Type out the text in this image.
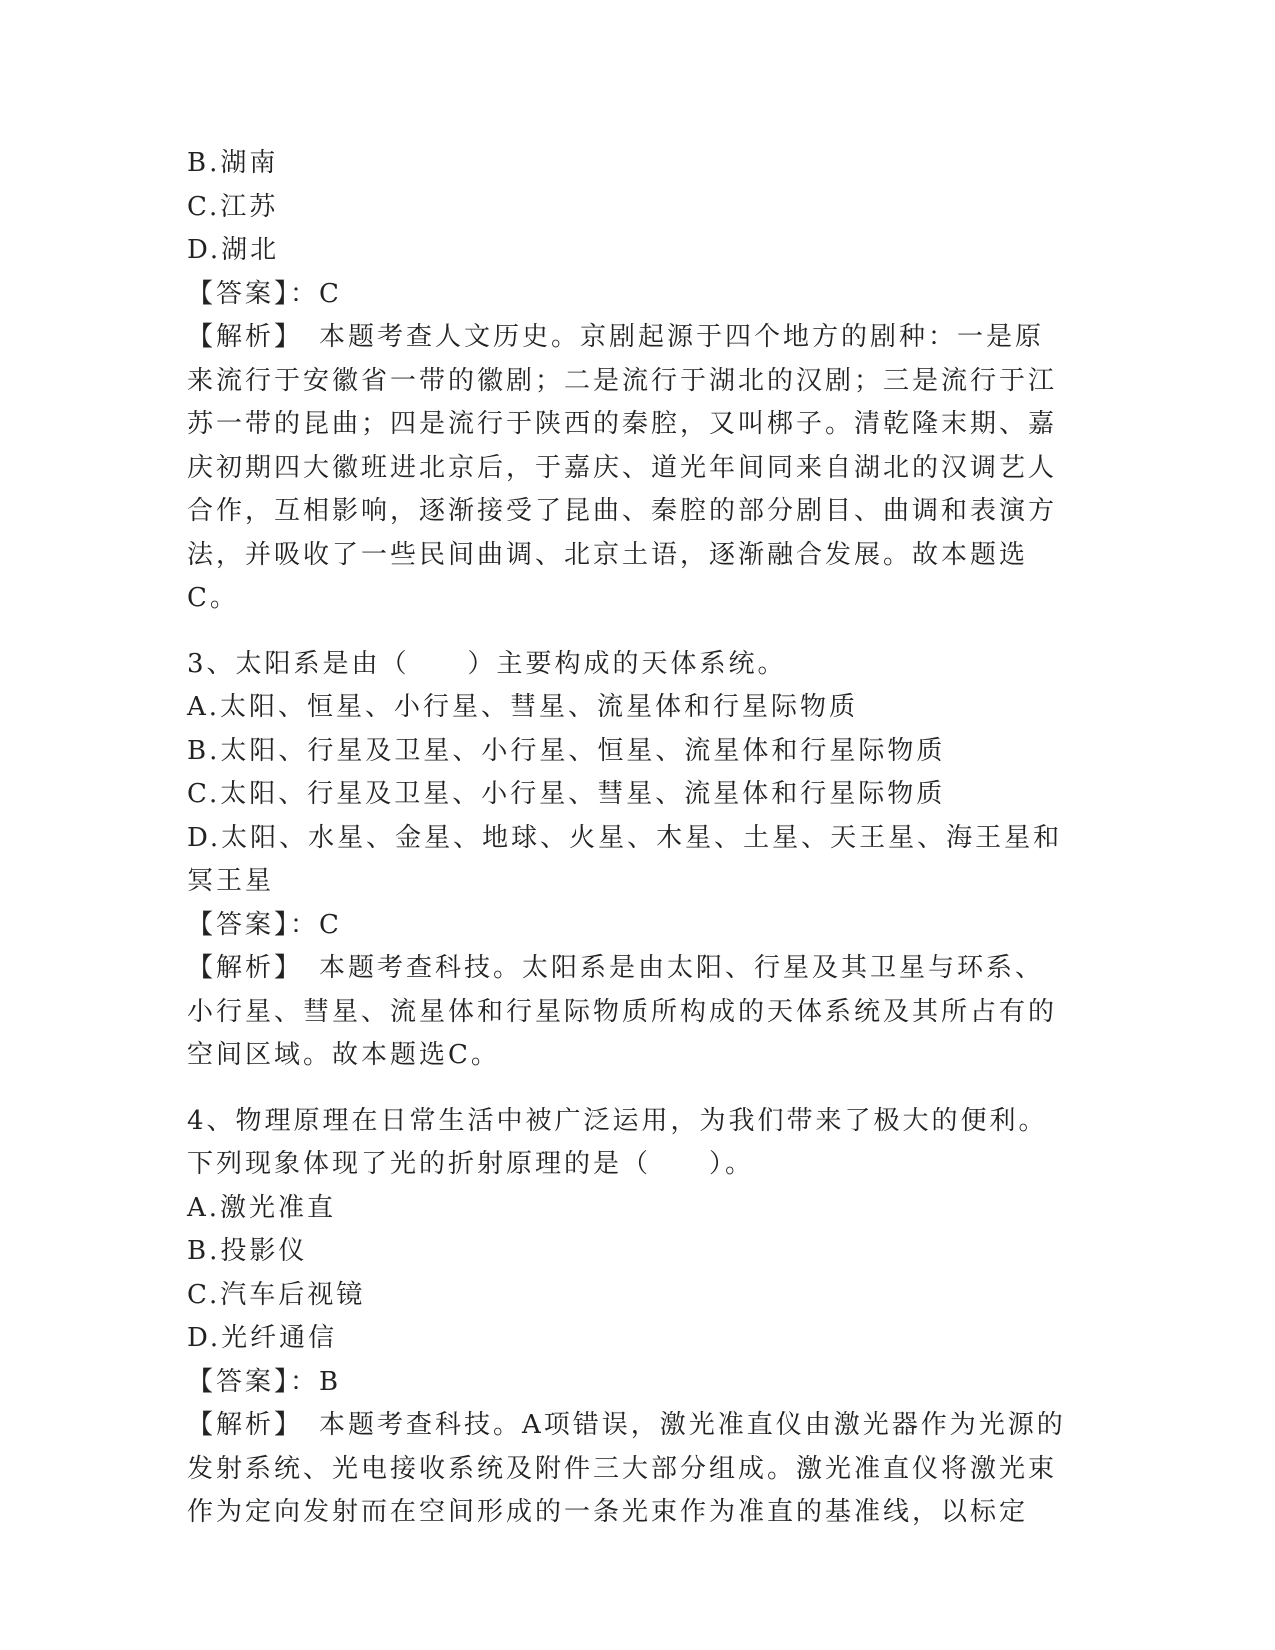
B.湖南
C.江苏
D.湖北
【答案】：C
【解析】　本题考查人文历史。京剧起源于四个地方的剧种：一是原来流行于安徽省一带的徽剧；二是流行于湖北的汉剧；三是流行于江苏一带的昆曲；四是流行于陕西的秦腔，又叫梆子。清乾隆末期、嘉庆初期四大徽班进北京后，于嘉庆、道光年间同来自湖北的汉调艺人合作，互相影响，逐渐接受了昆曲、秦腔的部分剧目、曲调和表演方法，并吸收了一些民间曲调、北京土语，逐渐融合发展。故本题选C。
3、太阳系是由（　　）主要构成的天体系统。
A.太阳、恒星、小行星、彗星、流星体和行星际物质
B.太阳、行星及卫星、小行星、恒星、流星体和行星际物质
C.太阳、行星及卫星、小行星、彗星、流星体和行星际物质
D.太阳、水星、金星、地球、火星、木星、土星、天王星、海王星和冥王星
【答案】：C
【解析】　本题考查科技。太阳系是由太阳、行星及其卫星与环系、小行星、彗星、流星体和行星际物质所构成的天体系统及其所占有的空间区域。故本题选C。
4、物理原理在日常生活中被广泛运用，为我们带来了极大的便利。下列现象体现了光的折射原理的是（　　）。
A.激光准直
B.投影仪
C.汽车后视镜
D.光纤通信
【答案】：B
【解析】　本题考查科技。A项错误，激光准直仪由激光器作为光源的发射系统、光电接收系统及附件三大部分组成。激光准直仪将激光束作为定向发射而在空间形成的一条光束作为准直的基准线，以标定
